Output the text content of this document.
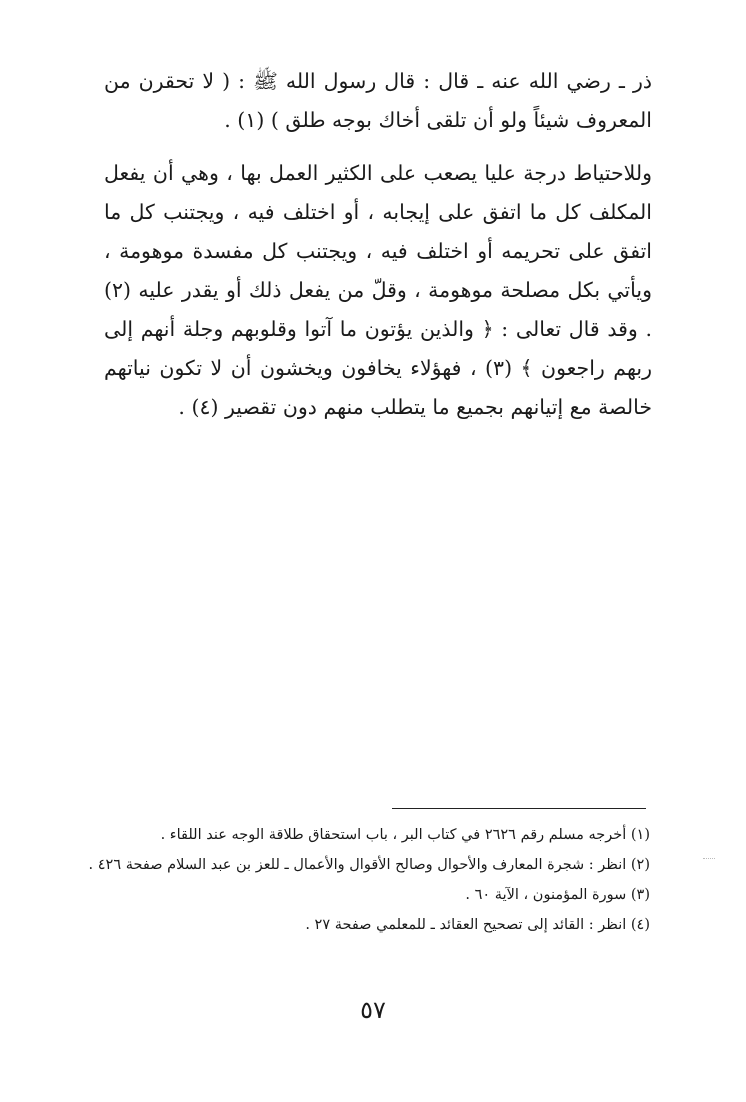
ذر ـ رضي الله عنه ـ قال : قال رسول الله ﷺ : ( لا تحقرن من المعروف شيئاً ولو أن تلقى أخاك بوجه طلق ) (١) .

وللاحتياط درجة عليا يصعب على الكثير العمل بها ، وهي أن يفعل المكلف كل ما اتفق على إيجابه ، أو اختلف فيه ، ويجتنب كل ما اتفق على تحريمه أو اختلف فيه ، ويجتنب كل مفسدة موهومة ، ويأتي بكل مصلحة موهومة ، وقلّ من يفعل ذلك أو يقدر عليه (٢) . وقد قال تعالى : ﴿ والذين يؤتون ما آتوا وقلوبهم وجلة أنهم إلى ربهم راجعون ﴾ (٣) ، فهؤلاء يخافون ويخشون أن لا تكون نياتهم خالصة مع إتيانهم بجميع ما يتطلب منهم دون تقصير (٤) .

(١) أخرجه مسلم رقم ٢٦٢٦ في كتاب البر ، باب استحقاق طلاقة الوجه عند اللقاء .
(٢) انظر : شجرة المعارف والأحوال وصالح الأقوال والأعمال ـ للعز بن عبد السلام صفحة ٤٢٦ .
(٣) سورة المؤمنون ، الآية ٦٠ .
(٤) انظر : القائد إلى تصحيح العقائد ـ للمعلمي صفحة ٢٧ .
٥٧
